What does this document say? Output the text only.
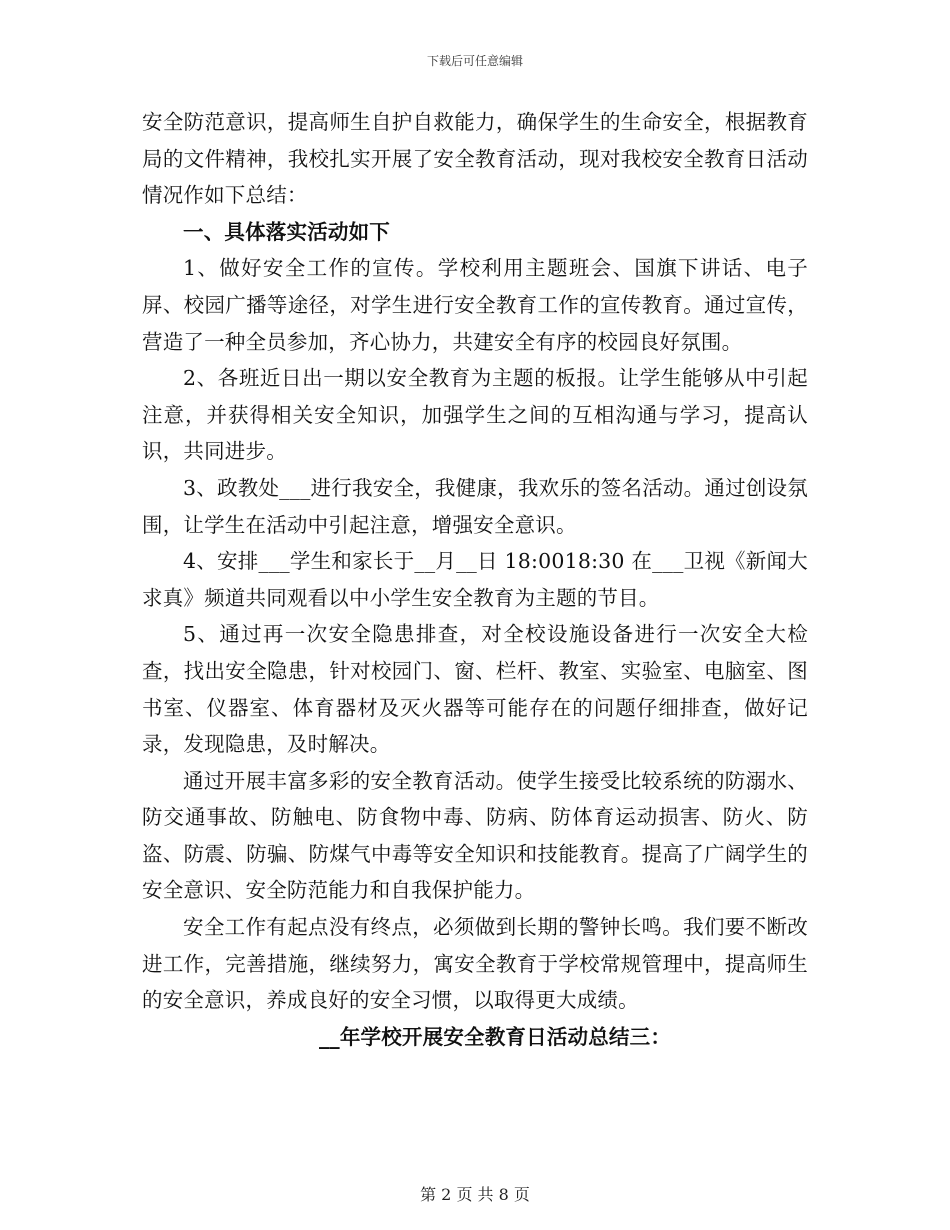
下载后可任意编辑

安全防范意识，提高师生自护自救能力，确保学生的生命安全，根据教育局的文件精神，我校扎实开展了安全教育活动，现对我校安全教育日活动情况作如下总结：

一、具体落实活动如下

1、做好安全工作的宣传。学校利用主题班会、国旗下讲话、电子屏、校园广播等途径，对学生进行安全教育工作的宣传教育。通过宣传，营造了一种全员参加，齐心协力，共建安全有序的校园良好氛围。

2、各班近日出一期以安全教育为主题的板报。让学生能够从中引起注意，并获得相关安全知识，加强学生之间的互相沟通与学习，提高认识，共同进步。

3、政教处___进行我安全，我健康，我欢乐的签名活动。通过创设氛围，让学生在活动中引起注意，增强安全意识。

4、安排___学生和家长于__月__日 18:0018:30 在___卫视《新闻大求真》频道共同观看以中小学生安全教育为主题的节目。

5、通过再一次安全隐患排查，对全校设施设备进行一次安全大检查，找出安全隐患，针对校园门、窗、栏杆、教室、实验室、电脑室、图书室、仪器室、体育器材及灭火器等可能存在的问题仔细排查，做好记录，发现隐患，及时解决。

通过开展丰富多彩的安全教育活动。使学生接受比较系统的防溺水、防交通事故、防触电、防食物中毒、防病、防体育运动损害、防火、防盗、防震、防骗、防煤气中毒等安全知识和技能教育。提高了广阔学生的安全意识、安全防范能力和自我保护能力。

安全工作有起点没有终点，必须做到长期的警钟长鸣。我们要不断改进工作，完善措施，继续努力，寓安全教育于学校常规管理中，提高师生的安全意识，养成良好的安全习惯，以取得更大成绩。

__年学校开展安全教育日活动总结三：

第 2 页 共 8 页
